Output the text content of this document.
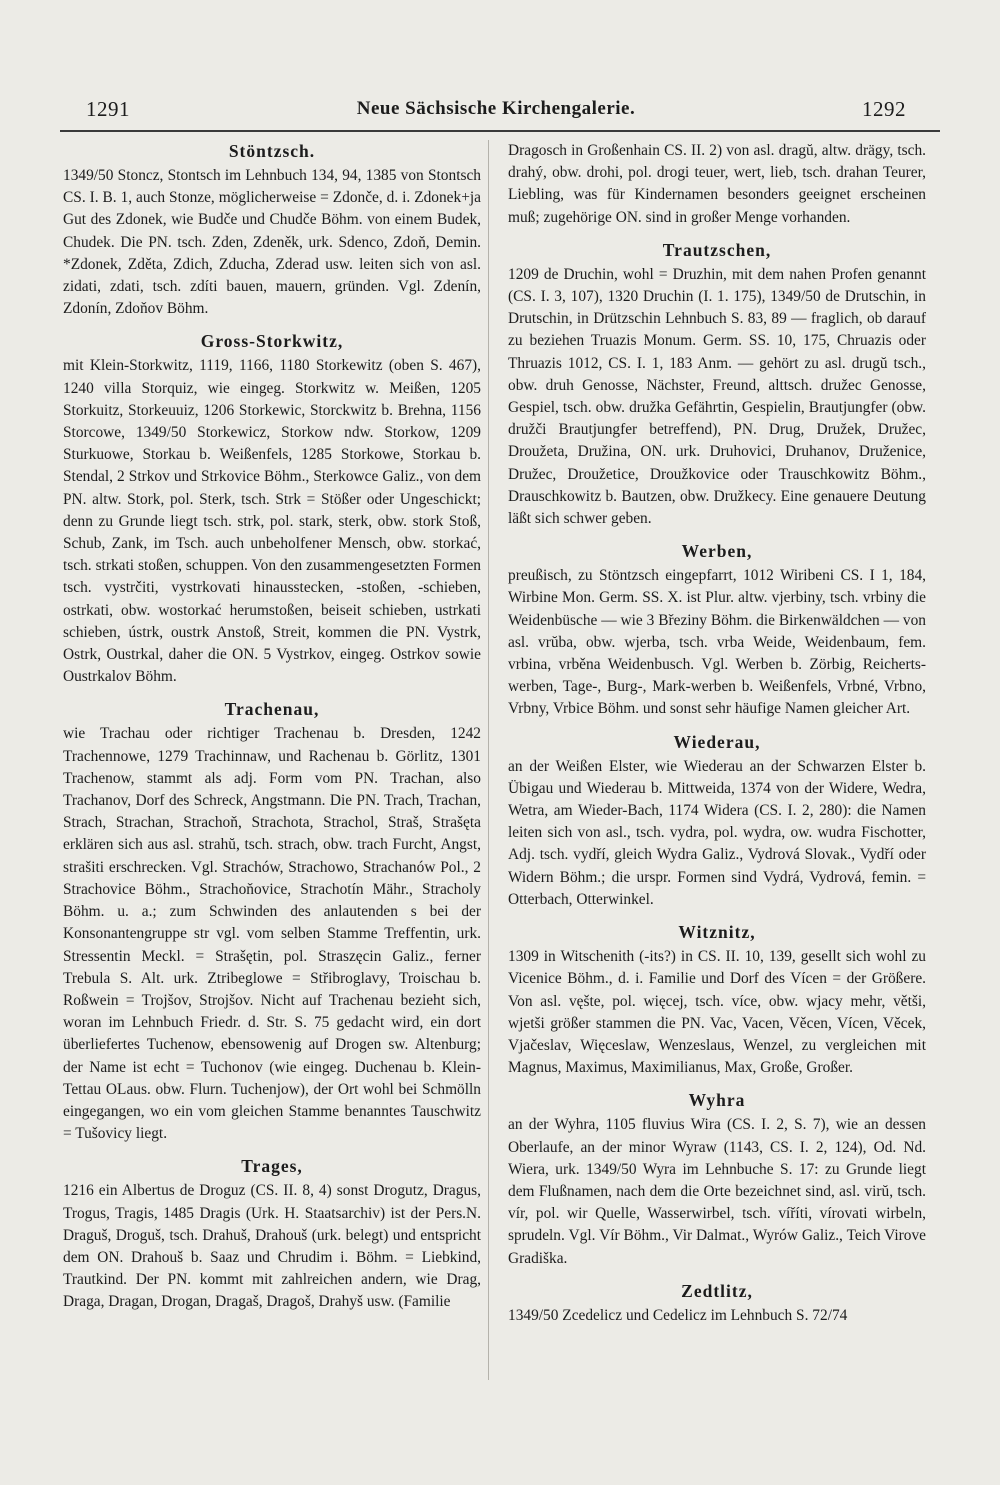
1291	Neue Sächsische Kirchengalerie.	1292
Stöntzsch.

1349/50 Stoncz, Stontsch im Lehnbuch 134, 94, 1385 von Stontsch CS. I. B. 1, auch Stonze, möglicherweise = Zdonče, d. i. Zdonek+ja Gut des Zdonek, wie Budče und Chudče Böhm. von einem Budek, Chudek. Die PN. tsch. Zden, Zdeněk, urk. Sdenco, Zdoň, Demin. *Zdonek, Zděta, Zdich, Zducha, Zderad usw. leiten sich von asl. zidati, zdati, tsch. zdíti bauen, mauern, gründen. Vgl. Zdenín, Zdonín, Zdoňov Böhm.

Gross-Storkwitz,

mit Klein-Storkwitz, 1119, 1166, 1180 Storkewitz (oben S. 467), 1240 villa Storquiz, wie eingeg. Storkwitz w. Meißen, 1205 Storkuitz, Storkeuuiz, 1206 Storkewic, Storckwitz b. Brehna, 1156 Storcowe, 1349/50 Storkewicz, Storkow ndw. Storkow, 1209 Sturkuowe, Storkau b. Weißenfels, 1285 Storkowe, Storkau b. Stendal, 2 Strkov und Strkovice Böhm., Sterkowce Galiz., von dem PN. altw. Stork, pol. Sterk, tsch. Strk = Stößer oder Ungeschickt; denn zu Grunde liegt tsch. strk, pol. stark, sterk, obw. stork Stoß, Schub, Zank, im Tsch. auch unbeholfener Mensch, obw. storkać, tsch. strkati stoßen, schuppen. Von den zusammengesetzten Formen tsch. vystrčiti, vystrkovati hinausstecken, -stoßen, -schieben, ostrkati, obw. wostorkać herumstoßen, beiseit schieben, ustrkati schieben, ústrk, oustrk Anstoß, Streit, kommen die PN. Vystrk, Ostrk, Oustrkal, daher die ON. 5 Vystrkov, eingeg. Ostrkov sowie Oustrkalov Böhm.

Trachenau,

wie Trachau oder richtiger Trachenau b. Dresden, 1242 Trachennowe, 1279 Trachinnaw, und Rachenau b. Görlitz, 1301 Trachenow, stammt als adj. Form vom PN. Trachan, also Trachanov, Dorf des Schreck, Angstmann. Die PN. Trach, Trachan, Strach, Strachan, Strachoň, Strachota, Strachol, Straš, Strašęta erklären sich aus asl. strahŭ, tsch. strach, obw. trach Furcht, Angst, strašiti erschrecken. Vgl. Strachów, Strachowo, Strachanów Pol., 2 Strachovice Böhm., Strachoňovice, Strachotín Mähr., Stracholy Böhm. u. a.; zum Schwinden des anlautenden s bei der Konsonantengruppe str vgl. vom selben Stamme Treffentin, urk. Stressentin Meckl. = Strašętin, pol. Straszęcin Galiz., ferner Trebula S. Alt. urk. Ztribeglowe = Střibroglavy, Troischau b. Roßwein = Trojšov, Strojšov. Nicht auf Trachenau bezieht sich, woran im Lehnbuch Friedr. d. Str. S. 75 gedacht wird, ein dort überliefertes Tuchenow, ebensowenig auf Drogen sw. Altenburg; der Name ist echt = Tuchonov (wie eingeg. Duchenau b. Klein-Tettau OLaus. obw. Flurn. Tuchenjow), der Ort wohl bei Schmölln eingegangen, wo ein vom gleichen Stamme benanntes Tauschwitz = Tušovicy liegt.

Trages,

1216 ein Albertus de Droguz (CS. II. 8, 4) sonst Drogutz, Dragus, Trogus, Tragis, 1485 Dragis (Urk. H. Staatsarchiv) ist der Pers.N. Draguš, Droguš, tsch. Drahuš, Drahouš (urk. belegt) und entspricht dem ON. Drahouš b. Saaz und Chrudim i. Böhm. = Liebkind, Trautkind. Der PN. kommt mit zahlreichen andern, wie Drag, Draga, Dragan, Drogan, Dragaš, Dragoš, Drahyš usw. (Familie

Dragosch in Großenhain CS. II. 2) von asl. dragŭ, altw. drägy, tsch. drahý, obw. drohi, pol. drogi teuer, wert, lieb, tsch. drahan Teurer, Liebling, was für Kindernamen besonders geeignet erscheinen muß; zugehörige ON. sind in großer Menge vorhanden.

Trautzschen,

1209 de Druchin, wohl = Druzhin, mit dem nahen Profen genannt (CS. I. 3, 107), 1320 Druchin (I. 1. 175), 1349/50 de Drutschin, in Drutschin, in Drützschin Lehnbuch S. 83, 89 — fraglich, ob darauf zu beziehen Truazis Monum. Germ. SS. 10, 175, Chruazis oder Thruazis 1012, CS. I. 1, 183 Anm. — gehört zu asl. drugŭ tsch., obw. druh Genosse, Nächster, Freund, alttsch. družec Genosse, Gespiel, tsch. obw. družka Gefährtin, Gespielin, Brautjungfer (obw. družči Brautjungfer betreffend), PN. Drug, Družek, Družec, Droužeta, Družina, ON. urk. Druhovici, Druhanov, Druženice, Družec, Droužetice, Droužkovice oder Trauschkowitz Böhm., Drauschkowitz b. Bautzen, obw. Družkecy. Eine genauere Deutung läßt sich schwer geben.

Werben,

preußisch, zu Stöntzsch eingepfarrt, 1012 Wiribeni CS. I 1, 184, Wirbine Mon. Germ. SS. X. ist Plur. altw. vjerbiny, tsch. vrbiny die Weidenbüsche — wie 3 Březiny Böhm. die Birkenwäldchen — von asl. vrŭba, obw. wjerba, tsch. vrba Weide, Weidenbaum, fem. vrbina, vrběna Weidenbusch. Vgl. Werben b. Zörbig, Reicherts-werben, Tage-, Burg-, Mark-werben b. Weißenfels, Vrbné, Vrbno, Vrbny, Vrbice Böhm. und sonst sehr häufige Namen gleicher Art.

Wiederau,

an der Weißen Elster, wie Wiederau an der Schwarzen Elster b. Übigau und Wiederau b. Mittweida, 1374 von der Widere, Wedra, Wetra, am Wieder-Bach, 1174 Widera (CS. I. 2, 280): die Namen leiten sich von asl., tsch. vydra, pol. wydra, ow. wudra Fischotter, Adj. tsch. vydří, gleich Wydra Galiz., Vydrová Slovak., Vydří oder Widern Böhm.; die urspr. Formen sind Vydrá, Vydrová, femin. = Otterbach, Otterwinkel.

Witznitz,

1309 in Witschenith (-its?) in CS. II. 10, 139, gesellt sich wohl zu Vicenice Böhm., d. i. Familie und Dorf des Vícen = der Größere. Von asl. vęšte, pol. więcej, tsch. více, obw. wjacy mehr, větši, wjetši größer stammen die PN. Vac, Vacen, Věcen, Vícen, Věcek, Vjačeslav, Więceslaw, Wenzeslaus, Wenzel, zu vergleichen mit Magnus, Maximus, Maximilianus, Max, Große, Großer.

Wyhra

an der Wyhra, 1105 fluvius Wira (CS. I. 2, S. 7), wie an dessen Oberlaufe, an der minor Wyraw (1143, CS. I. 2, 124), Od. Nd. Wiera, urk. 1349/50 Wyra im Lehnbuche S. 17: zu Grunde liegt dem Flußnamen, nach dem die Orte bezeichnet sind, asl. virŭ, tsch. vír, pol. wir Quelle, Wasserwirbel, tsch. víříti, vírovati wirbeln, sprudeln. Vgl. Vír Böhm., Vir Dalmat., Wyrów Galiz., Teich Virove Gradiška.

Zedtlitz,

1349/50 Zcedelicz und Cedelicz im Lehnbuch S. 72/74
